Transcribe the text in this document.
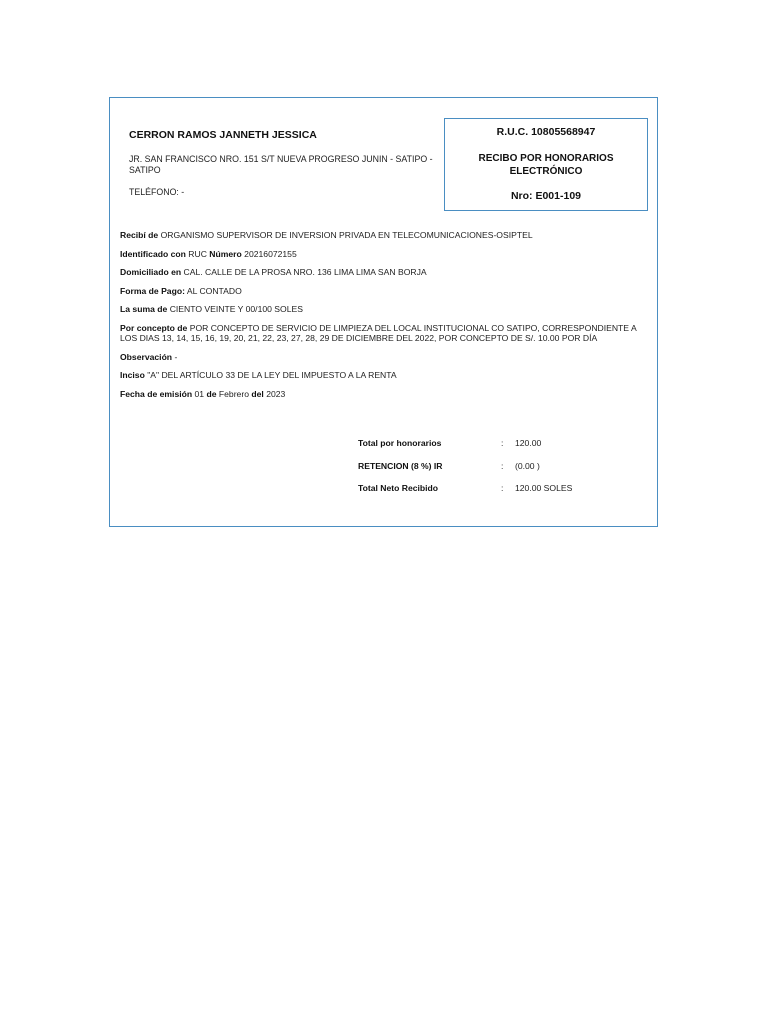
CERRON RAMOS JANNETH JESSICA
JR. SAN FRANCISCO NRO. 151 S/T NUEVA PROGRESO JUNIN - SATIPO - SATIPO
TELÉFONO: -
R.U.C. 10805568947
RECIBO POR HONORARIOS ELECTRÓNICO
Nro: E001-109
Recibí de ORGANISMO SUPERVISOR DE INVERSION PRIVADA EN TELECOMUNICACIONES-OSIPTEL
Identificado con RUC Número 20216072155
Domiciliado en CAL. CALLE DE LA PROSA NRO. 136 LIMA LIMA SAN BORJA
Forma de Pago: AL CONTADO
La suma de CIENTO VEINTE Y 00/100 SOLES
Por concepto de POR CONCEPTO DE SERVICIO DE LIMPIEZA DEL LOCAL INSTITUCIONAL CO SATIPO, CORRESPONDIENTE A LOS DIAS 13, 14, 15, 16, 19, 20, 21, 22, 23, 27, 28, 29 DE DICIEMBRE DEL 2022, POR CONCEPTO DE S/. 10.00 POR DÍA
Observación -
Inciso "A" DEL ARTÍCULO 33 DE LA LEY DEL IMPUESTO A LA RENTA
Fecha de emisión 01 de Febrero del 2023
Total por honorarios	: 120.00
RETENCION (8 %) IR	: (0.00 )
Total Neto Recibido	: 120.00 SOLES
